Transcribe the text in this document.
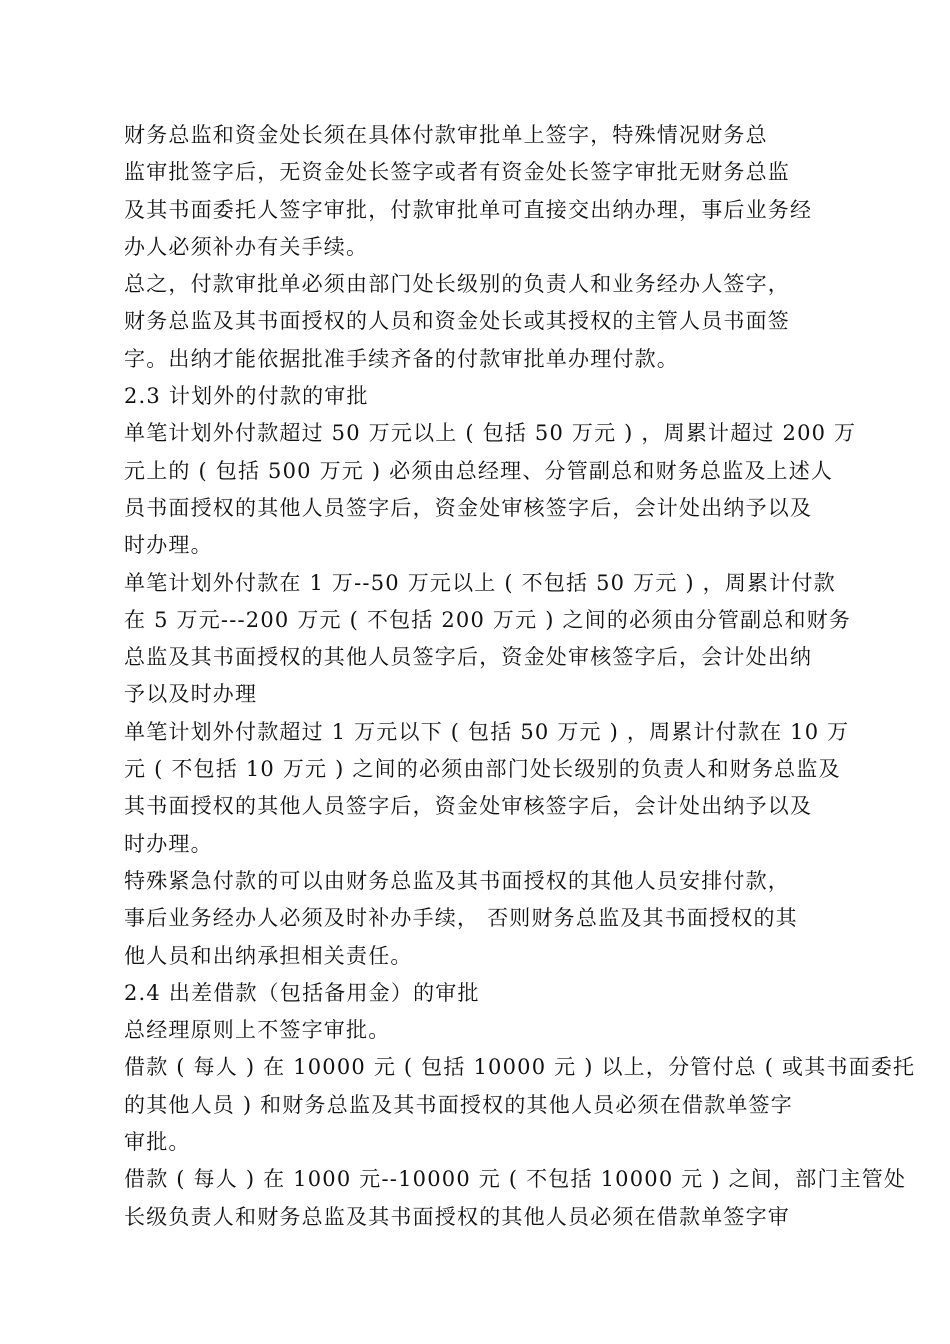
财务总监和资金处长须在具体付款审批单上签字，特殊情况财务总
监审批签字后，无资金处长签字或者有资金处长签字审批无财务总监
及其书面委托人签字审批，付款审批单可直接交出纳办理，事后业务经
办人必须补办有关手续。
总之，付款审批单必须由部门处长级别的负责人和业务经办人签字，
财务总监及其书面授权的人员和资金处长或其授权的主管人员书面签
字。出纳才能依据批准手续齐备的付款审批单办理付款。
2.3 计划外的付款的审批
单笔计划外付款超过 50 万元以上 ( 包括 50 万元 ) ，周累计超过 200 万
元上的 ( 包括 500 万元 ) 必须由总经理、分管副总和财务总监及上述人
员书面授权的其他人员签字后，资金处审核签字后，会计处出纳予以及
时办理。
单笔计划外付款在 1 万--50 万元以上 ( 不包括 50 万元 ) ，周累计付款
在 5 万元---200 万元 ( 不包括 200 万元 ) 之间的必须由分管副总和财务
总监及其书面授权的其他人员签字后，资金处审核签字后，会计处出纳
予以及时办理
单笔计划外付款超过 1 万元以下 ( 包括 50 万元 ) ，周累计付款在 10 万
元 ( 不包括 10 万元 ) 之间的必须由部门处长级别的负责人和财务总监及
其书面授权的其他人员签字后，资金处审核签字后，会计处出纳予以及
时办理。
特殊紧急付款的可以由财务总监及其书面授权的其他人员安排付款，
事后业务经办人必须及时补办手续， 否则财务总监及其书面授权的其
他人员和出纳承担相关责任。
2.4 出差借款（包括备用金）的审批
总经理原则上不签字审批。
借款 ( 每人 ) 在 10000 元 ( 包括 10000 元 ) 以上，分管付总 ( 或其书面委托
的其他人员 ) 和财务总监及其书面授权的其他人员必须在借款单签字
审批。
借款 ( 每人 ) 在 1000 元--10000 元 ( 不包括 10000 元 ) 之间，部门主管处
长级负责人和财务总监及其书面授权的其他人员必须在借款单签字审
